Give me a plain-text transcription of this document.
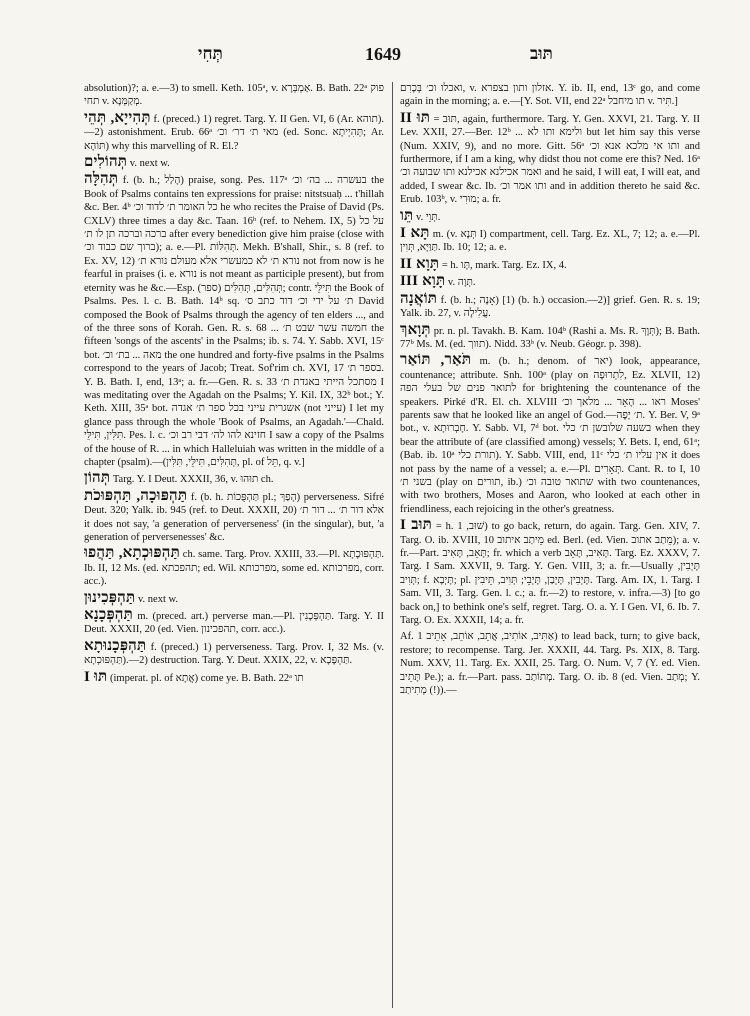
תְּחִי	1649	תּוּב

absolution)?; a. e.—3) to smell. Keth. 105ᵃ, v. אַמְבְּרָא. B. Bath. 22ᵃ פוק תחי v. מְקַמְּנָא.

תְּהִייָא, תְּהֵי f. (preced.) 1) regret. Targ. Y. II Gen. VI, 6 (Ar. תוהא).—2) astonishment. Erub. 66ᵃ מאי ת׳ דר׳ וכ׳ (ed. Sonc. תְּהִיְיתָא; Ar. תּוֹהָא) why this marvelling of R. El.?

תְּהוֹלִים v. next w.

תְּהִלָּה f. (b. h.; הָלַל) praise, song. Pes. 117ᵃ בעשרה ... בה׳ וכ׳ the Book of Psalms contains ten expressions for praise: nitstsuaḥ ... t'hillah &c. Ber. 4ᵇ כל האומר ת׳ לדוד וכ׳ he who recites the Praise of David (Ps. CXLV) three times a day &c. Taan. 16ᵇ (ref. to Nehem. IX, 5) על כל ברכה וברכה תן לו ת׳ after every benediction give him praise (close with ברוך שם כבוד וכ׳); a. e.—Pl. תְּהִלּוֹת. Mekh. B'shall, Shir., s. 8 (ref. to Ex. XV, 12) נורא ת׳ לא כמעשרי אלא מעולם נורא ת׳ not from now is he fearful in praises (i. e. נורא is not meant as participle present), but from eternity was he &c.—Esp. (ספר) תְּהִלִּים, תְּהִלִּים; contr. תִּילֵּי the Book of Psalms. Pes. l. c. B. Bath. 14ᵇ sq. ת׳ על ידי וכ׳ דוד כתב ס׳ David composed the Book of Psalms through the agency of ten elders ..., and of the three sons of Korah. Gen. R. s. 68 ... חמשה עשר שבט ת׳ the fifteen 'songs of the ascents' in the Psalms; ib. s. 74. Y. Sabb. XVI, 15ᶜ bot. מאה ... בת׳ וכ׳ the one hundred and forty-five psalms in the Psalms correspond to the years of Jacob; Treat. Sof'rim ch. XVI, 17 בספר ת׳. Y. B. Bath. I, end, 13ᵃ; a. fr.—Gen. R. s. 33 מסתכל הייתי באגדת ת׳ I was meditating over the Agadah on the Psalms; Y. Kil. IX, 32ᵇ bot.; Y. Keth. XIII, 35ᵃ bot. אשגרית עייני בכל ספר ת׳ אגדה (not עייני) I let my glance pass through the whole 'Book of Psalms, an Agadah.'—Chald. תִּלִּין, תִּילֵּי. Pes. l. c. חזינא להו לה׳ דבי רב וכ׳ I saw a copy of the Psalms of the house of R. ... in which Halleluiah was written in the middle of a chapter (psalm).—(תְּהִלִּים, תִּילֵּי, תִּלִּין, pl. of תֵּל, q. v.]

תְּהוֹן Targ. Y. I Deut. XXXII, 36, v. תוּהוּ ch.

תַּהְפּוּכָה, תַּהְפּוּכֹת f. (b. h. תַּהְפֻּכוֹת pl.; הָפַךְ) perverseness. Sifré Deut. 320; Yalk. ib. 945 (ref. to Deut. XXXII, 20) אלא דור ת׳ ... דור ת׳ it does not say, 'a generation of perverseness' (in the singular), but, 'a generation of perversenesses' &c.

תַּהְפּוּכְתָא, תַּהֲפוּ ch. same. Targ. Prov. XXIII, 33.—Pl. תַּהְפּוּכָתָא. Ib. II, 12 Ms. (ed. תהפכתא; ed. Wil. מפרכותא, some ed. מפרכותא, corr. acc.).

תַּהְפְּכִינוּן v. next w.

תַּהְפְּכָנָא m. (preced. art.) perverse man.—Pl. תַּהְפְּכָנִין. Targ. Y. II Deut. XXXII, 20 (ed. Vien. תהפכינון, corr. acc.).

תַּהְפְּכָנוּתָא f. (preced.) 1) perverseness. Targ. Prov. I, 32 Ms. (v. תַּהְפּוּכְתָא).—2) destruction. Targ. Y. Deut. XXIX, 22, v. תַּהְפָּכָא.

תּוּ I (imperat. pl. of אֲתָא) come ye. B. Bath. 22ᵃ תו

ואכלו וכ׳ בְּכָרִם, v. אזלון ותון בצפרא. Y. ib. II, end, 13ᶜ go, and come again in the morning; a. e.—[Y. Sot. VII, end 22ᵃ תו מיחבל v. תִּיר.]

תּוּ II = תּוּב, again, furthermore. Targ. Y. Gen. XXVI, 21. Targ. Y. II Lev. XXII, 27.—Ber. 12ᵇ ... ולימא ותו לא but let him say this verse (Num. XXIV, 9), and no more. Gitt. 56ᵃ ותו אי מלכא אנא וכ׳ and furthermore, if I am a king, why didst thou not come ere this? Ned. 16ᵃ ואמר אכילנא אכילנא ותו שבועה וכ׳ and he said, I will eat, I will eat, and added, I swear &c. Ib. ותו אמר וכ׳ and in addition thereto he said &c. Erub. 103ᵇ, v. מוּרִי; a. fr.

תֵּו v. תְּוֵי.

תָּא I m. (v. תְּנָא I) compartment, cell. Targ. Ez. XL, 7; 12; a. e.—Pl. תַּוַּיָּא, תְּוִין. Ib. 10; 12; a. e.

תָּוָא II = h. תָּו, mark. Targ. Ez. IX, 4.

תָּוָא III v. תְּוָה.

תּוֹאֲנָה f. (b. h.; אָנָה) [1) (b. h.) occasion.—2)] grief. Gen. R. s. 19; Yalk. ib. 27, v. עֲלִילָה.

תְּוָאךְ pr. n. pl. Tavakh. B. Kam. 104ᵇ (Rashi a. Ms. R. תְּוָךְ); B. Bath. 77ᵇ Ms. M. (ed. תווך). Nidd. 33ᵇ (v. Neub. Géogr. p. 398).

תֹּאַר, תּוֹאַר m. (b. h.; denom. of יאר) look, appearance, countenance; attribute. Snh. 100ᵃ (play on לִתְרוּפָה, Ez. XLVII, 12) לתואר פנים של בעלי הפה for brightening the countenance of the speakers. Pirké d'R. El. ch. XLVIII ראו ... הָאֵר ... מלאך וכ׳ Moses' parents saw that he looked like an angel of God.—ת׳ יָפֶה. Y. Ber. V, 9ᵃ bot., v. חָבְרוּתָא. Y. Sabb. VI, 7ᵈ bot. בשעה שלובשן ת׳ כלי when they bear the attribute of (are classified among) vessels; Y. Bets. I, end, 61ᵃ; (Bab. ib. 10ᵃ תורת כלי). Y. Sabb. VIII, end, 11ᶜ אין עליו ת׳ כלי it does not pass by the name of a vessel; a. e.—Pl. תְּאָרִים. Cant. R. to I, 10 בשני ת׳ (play on תורים, ib.) שתואר טובה וכ׳ with two countenances, with two brothers, Moses and Aaron, who looked at each other in friendliness, each rejoicing in the other's greatness.

תּוּב I = h. שׁוּב, 1) to go back, return, do again. Targ. Gen. XIV, 7. Targ. O. ib. XVIII, 10 מֵיתַב איתוב ed. Berl. (ed. Vien. מֵתַב אתוב); a. v. fr.—Part. תָּאֵב, תָּאִיב; fr. which a verb תָּאִיב, תָּאֵב. Targ. Ez. XXXV, 7. Targ. I Sam. XXVII, 9. Targ. Y. Gen. VIII, 3; a. fr.—Usually תָּיְבִין, תְּוִיב; f. תָּיְבָא; pl. תָּיְבִין, תָּיְבַן, תָּיְבֵי; תְּוִיב, תֵּיבִין. Targ. Am. IX, 1. Targ. I Sam. VII, 3. Targ. Gen. l. c.; a. fr.—2) to restore, v. infra.—3) [to go back on,] to bethink one's self, regret. Targ. O. a. Y. I Gen. VI, 6. Ib. 7. Targ. O. Ex. XXXII, 14; a. fr.

Af. אַתִּיב, אוֹתִיב, אֲתֵב, אוֹתֵב, אָתֵיב 1) to lead back, turn; to give back, restore; to recompense. Targ. Jer. XXXII, 44. Targ. Ps. XIX, 8. Targ. Num. XXV, 11. Targ. Ex. XXII, 25. Targ. O. Num. V, 7 (Y. ed. Vien. תָּתֵיב Pe.); a. fr.—Part. pass. מְתוֹתַב. Targ. O. ib. 8 (ed. Vien. מְתַב; Y. מְתִיתַב (!)).—
